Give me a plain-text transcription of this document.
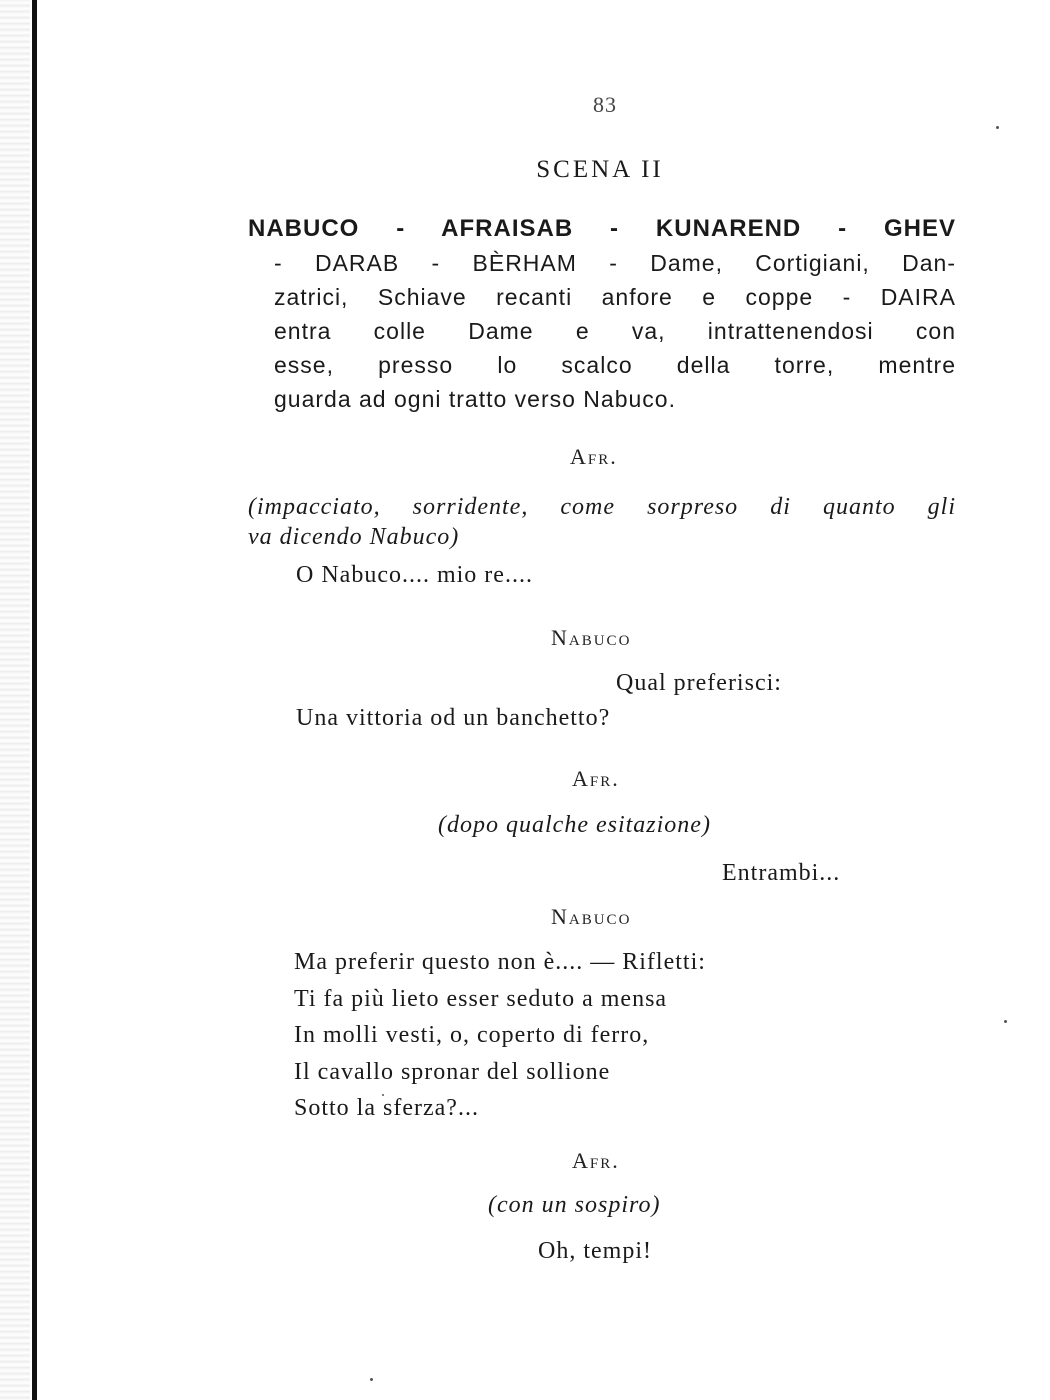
83
SCENA II
NABUCO - AFRAISAB - KUNAREND - GHEV
- DARAB - BÈRHAM - Dame, Cortigiani, Dan-
zatrici, Schiave recanti anfore e coppe - DAIRA
entra colle Dame e va, intrattenendosi con
esse, presso lo scalco della torre, mentre
guarda ad ogni tratto verso Nabuco.
Afr.
(impacciato, sorridente, come sorpreso di quanto gli
va dicendo Nabuco)
O Nabuco.... mio re....
Nabuco
Qual preferisci:
Una vittoria od un banchetto?
Afr.
(dopo qualche esitazione)
Entrambi...
Nabuco
Ma preferir questo non è.... — Rifletti:
Ti fa più lieto esser seduto a mensa
In molli vesti, o, coperto di ferro,
Il cavallo spronar del sollione
Sotto la sferza?...
Afr.
(con un sospiro)
Oh, tempi!
